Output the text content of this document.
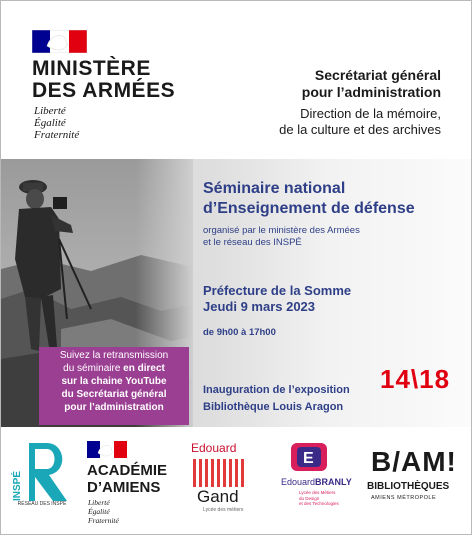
MINISTÈRE
DES ARMÉES
Liberté
Égalité
Fraternité
Secrétariat général
pour l’administration
Direction de la mémoire,
de la culture et des archives
Séminaire national
d’Enseignement de défense
organisé par le ministère des Armées
et le réseau des INSPÉ
Préfecture de la Somme
Jeudi 9 mars 2023
de 9h00 à 17h00
Inauguration de l’exposition
Bibliothèque Louis Aragon
14\18
Suivez la retransmission
du séminaire en direct
sur la chaine YouTube
du Secrétariat général
pour l’administration
INSPÉ
RÉSEAU DES INSPÉ
ACADÉMIE
D’AMIENS
Liberté
Égalité
Fraternité
Edouard
Gand
Lycée des métiers
E
EdouardBRANLY
Lycée des Métiers
du Design
et des Technologies
B/AM!
BIBLIOTHÈQUES
AMIENS MÉTROPOLE
